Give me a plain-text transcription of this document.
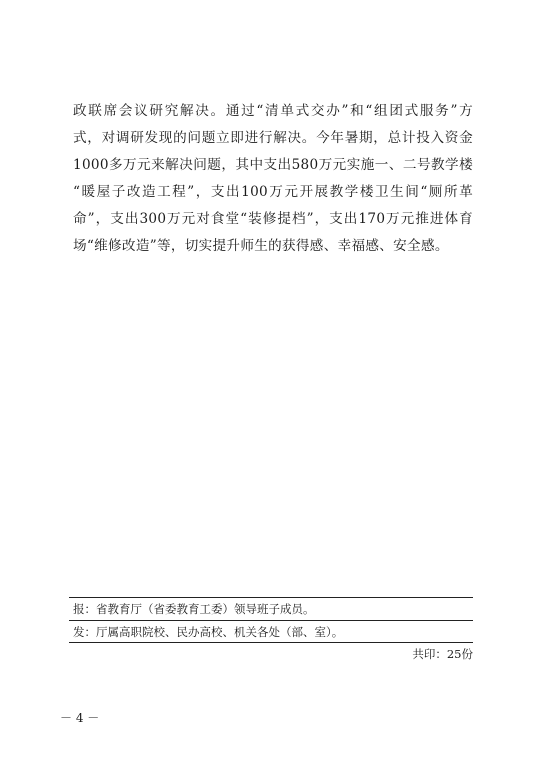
政联席会议研究解决。通过“清单式交办”和“组团式服务”方
式，对调研发现的问题立即进行解决。今年暑期，总计投入资金
1000多万元来解决问题，其中支出580万元实施一、二号教学楼
“暖屋子改造工程”，支出100万元开展教学楼卫生间“厕所革
命”，支出300万元对食堂“装修提档”，支出170万元推进体育
场“维修改造”等，切实提升师生的获得感、幸福感、安全感。
报：省教育厅（省委教育工委）领导班子成员。
发：厅属高职院校、民办高校、机关各处（部、室）。
共印：25份
－ 4 －
